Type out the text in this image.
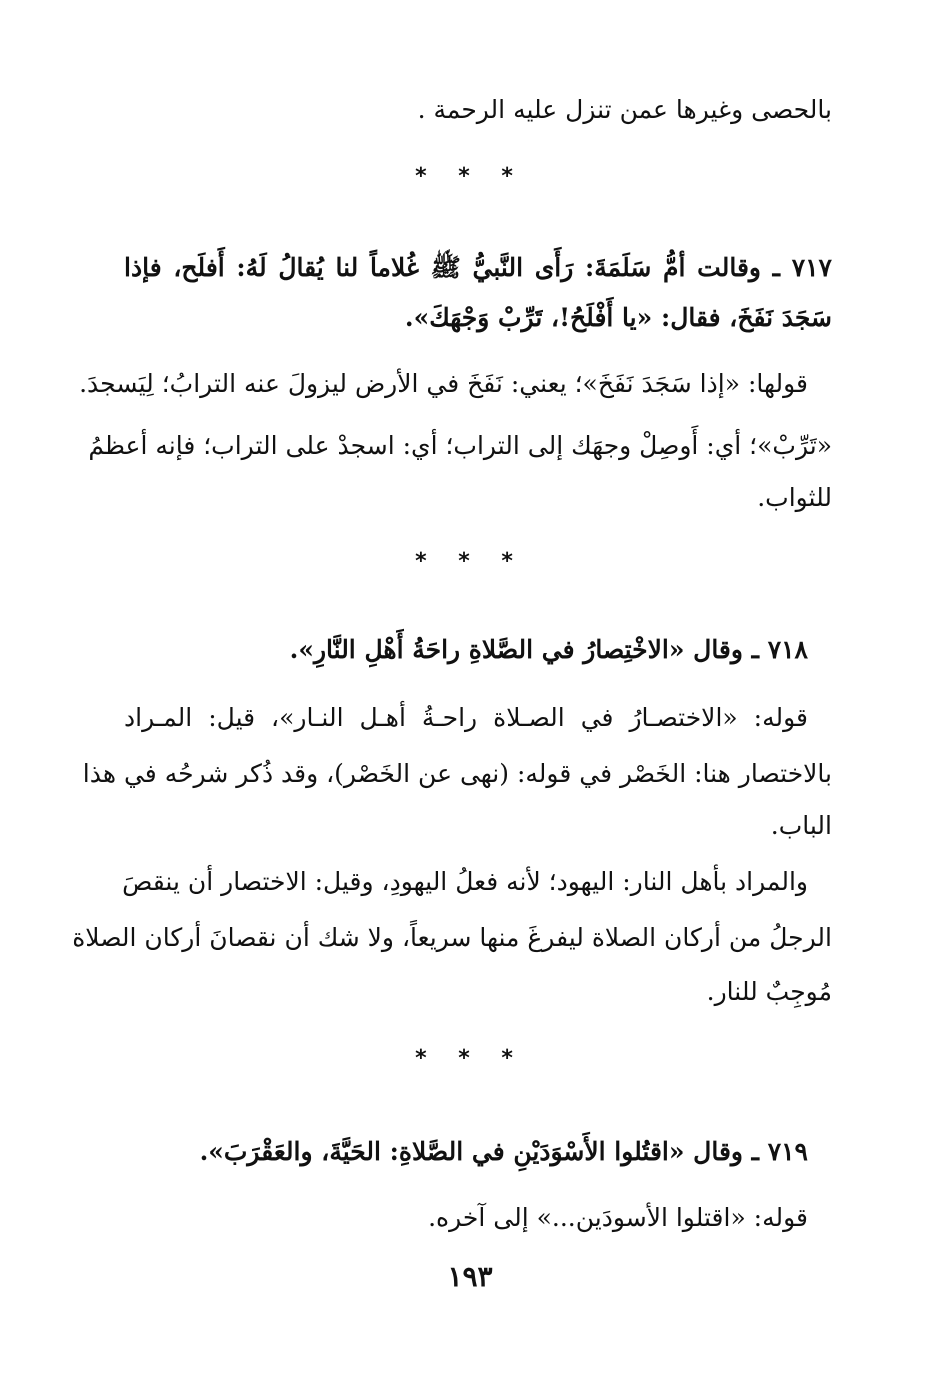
بالحصى وغيرها عمن تنزل عليه الرحمة .
* * *
٧١٧ ـ وقالت أمُّ سَلَمَةَ: رَأَى النَّبيُّ ﷺ غُلاماً لنا يُقالُ لَهُ: أَفلَح، فإذا
سَجَدَ نَفَخَ، فقال: «يا أَفْلَحُ!، تَرِّبْ وَجْهَكَ».
قولها: «إذا سَجَدَ نَفَخَ»؛ يعني: نَفَخَ في الأرض ليزولَ عنه الترابُ؛ لِيَسجدَ.
«تَرِّبْ»؛ أي: أَوصِلْ وجهَك إلى التراب؛ أي: اسجدْ على التراب؛ فإنه أعظمُ
للثواب.
* * *
٧١٨ ـ وقال «الاخْتِصارُ في الصَّلاةِ راحَةُ أَهْلِ النَّارِ».
قوله: «الاختصـارُ في الصـلاة راحـةُ أهـل النـار»، قيل: المـراد
بالاختصار هنا: الخَصْر في قوله: (نهى عن الخَصْر)، وقد ذُكر شرحُه في هذا
الباب.
والمراد بأهل النار: اليهود؛ لأنه فعلُ اليهودِ، وقيل: الاختصار أن ينقصَ
الرجلُ من أركان الصلاة ليفرغَ منها سريعاً، ولا شك أن نقصانَ أركان الصلاة
مُوجِبٌ للنار.
* * *
٧١٩ ـ وقال «اقتُلوا الأَسْوَدَيْنِ في الصَّلاةِ: الحَيَّةَ، والعَقْرَبَ».
قوله: «اقتلوا الأسودَين...» إلى آخره.
١٩٣
